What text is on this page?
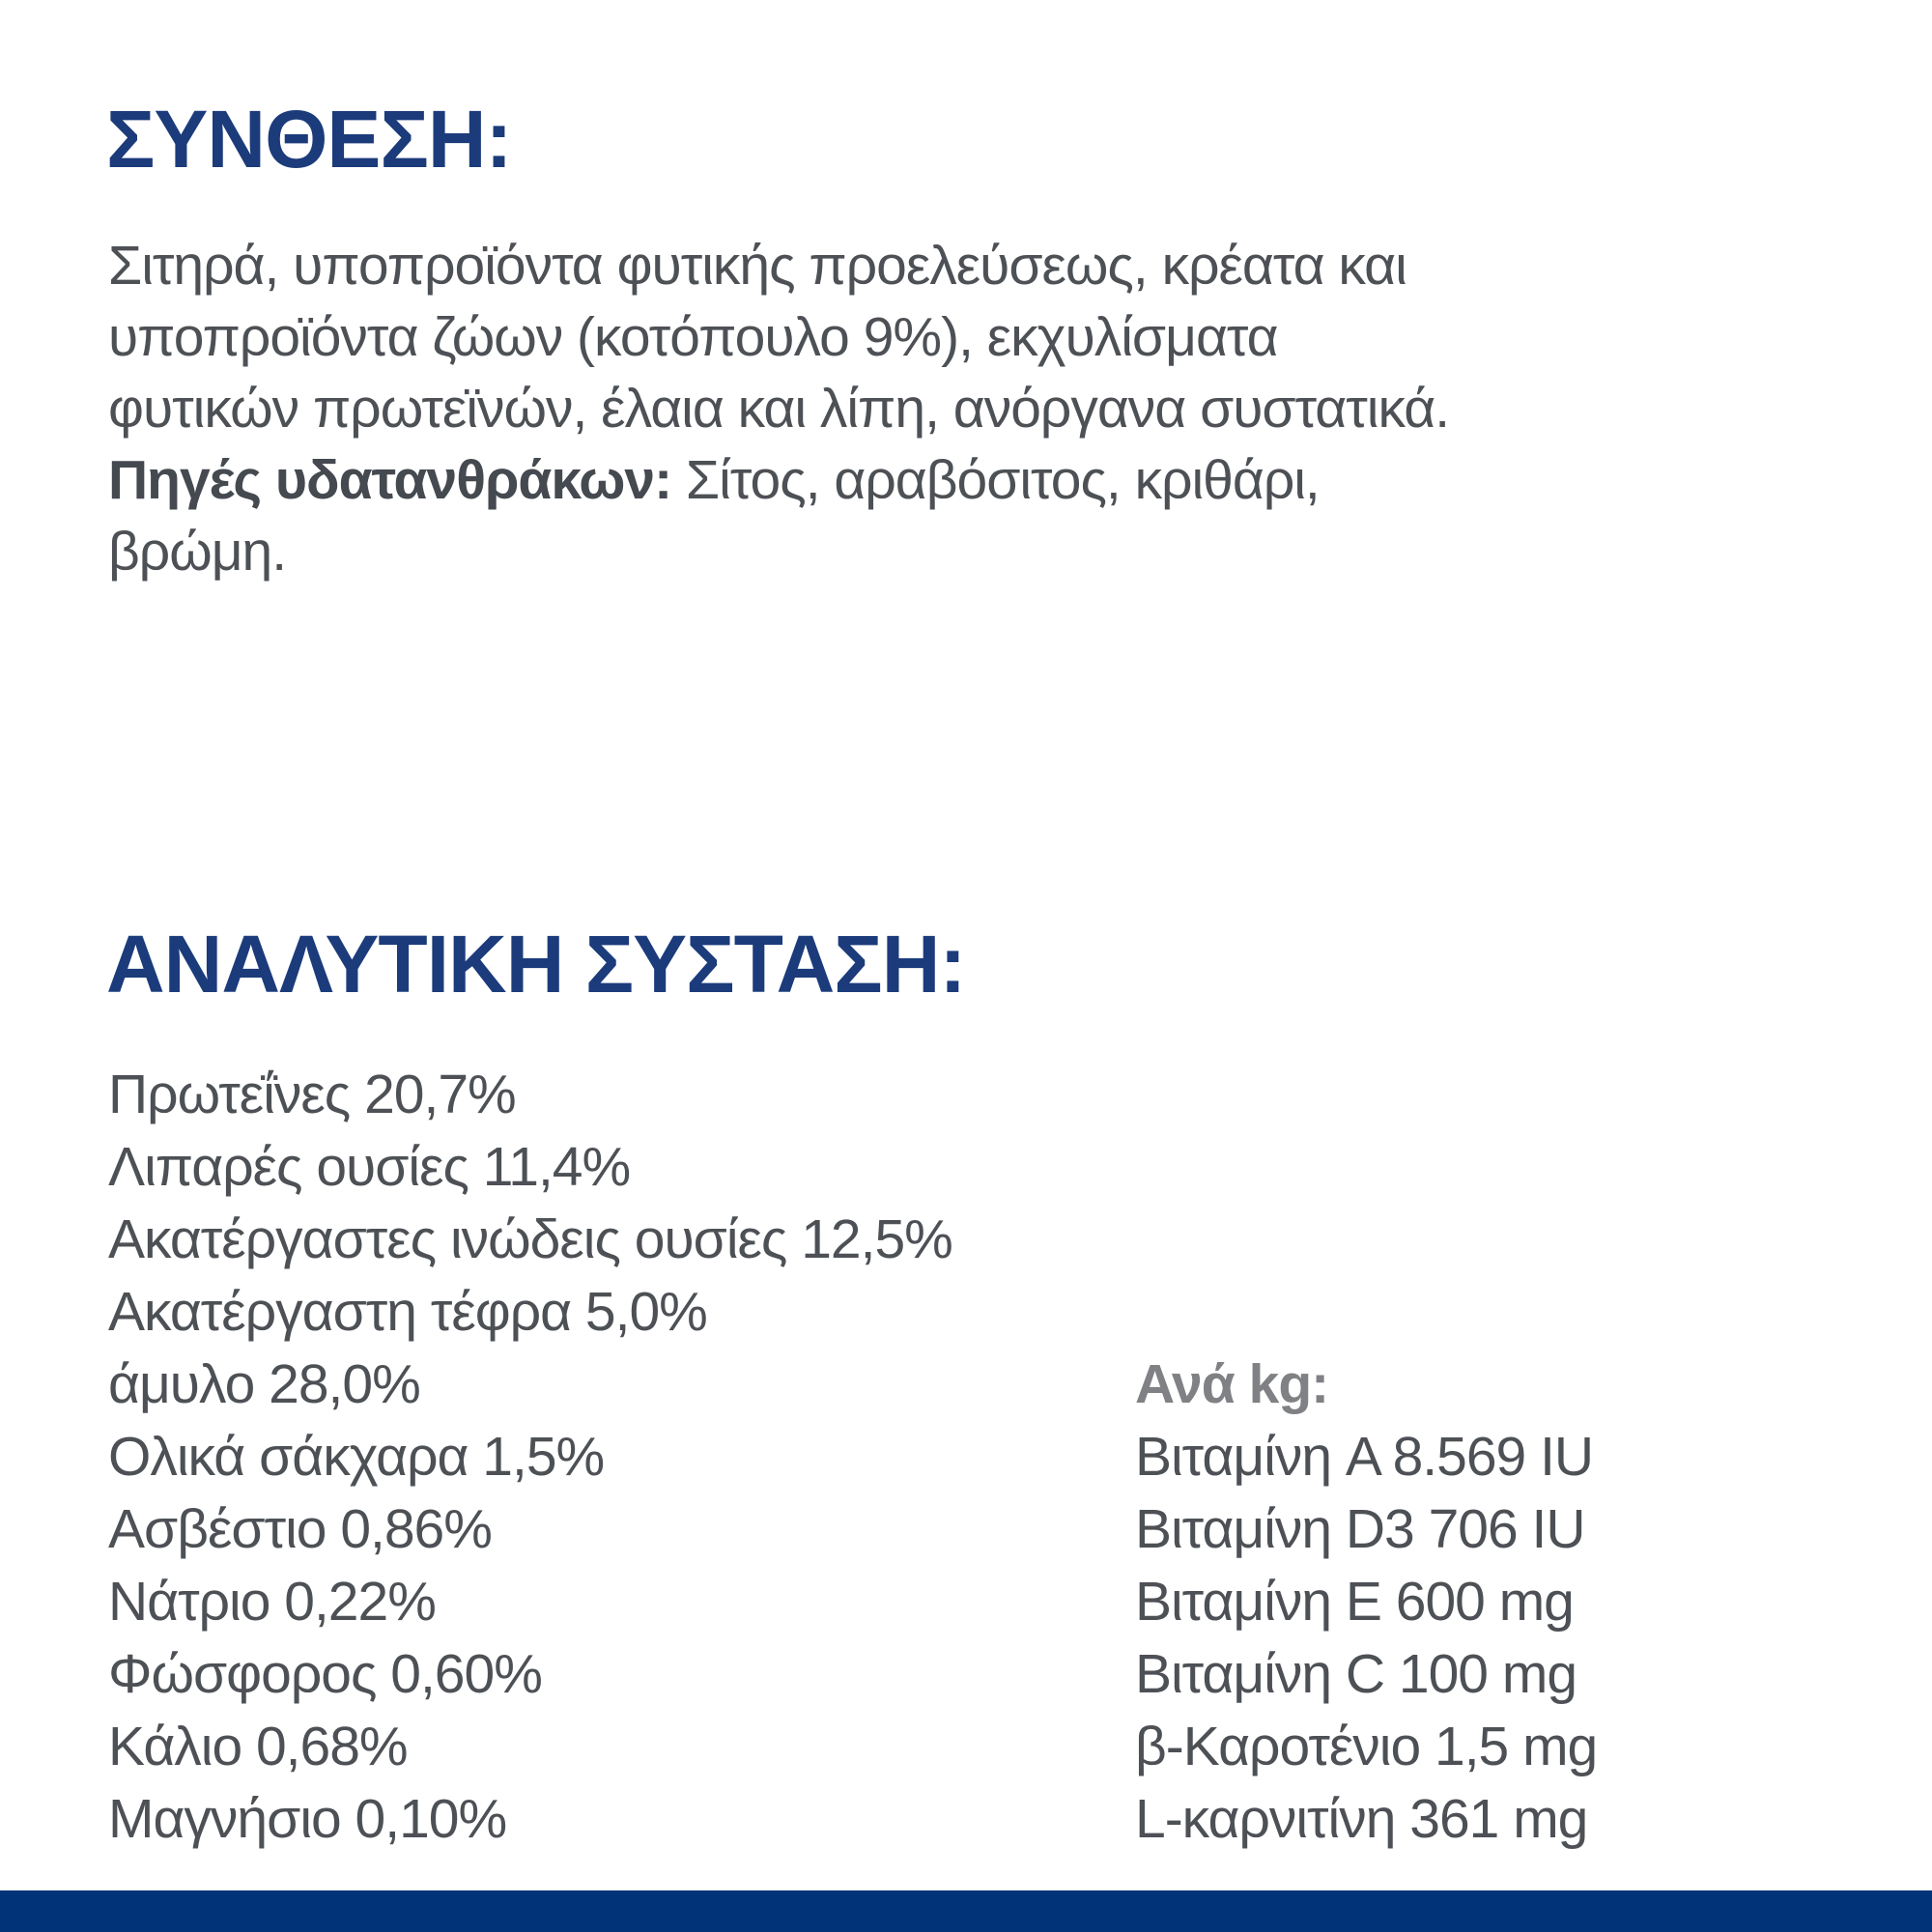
ΣΥΝΘΕΣΗ:
Σιτηρά, υποπροϊόντα φυτικής προελεύσεως, κρέατα και
υποπροϊόντα ζώων (κοτόπουλο 9%), εκχυλίσματα
φυτικών πρωτεϊνών, έλαια και λίπη, ανόργανα συστατικά.
Πηγές υδατανθράκων: Σίτος, αραβόσιτος, κριθάρι,
βρώμη.
ΑΝΑΛΥΤΙΚΗ ΣΥΣΤΑΣΗ:
Πρωτεΐνες 20,7%
Λιπαρές ουσίες 11,4%
Ακατέργαστες ινώδεις ουσίες 12,5%
Ακατέργαστη τέφρα 5,0%
άμυλο 28,0%
Ολικά σάκχαρα 1,5%
Ασβέστιο 0,86%
Νάτριο 0,22%
Φώσφορος 0,60%
Κάλιο 0,68%
Μαγνήσιο 0,10%
Ανά kg:
Βιταμίνη A 8.569 IU
Βιταμίνη D3 706 IU
Βιταμίνη E 600 mg
Βιταμίνη C 100 mg
β-Καροτένιο 1,5 mg
L-καρνιτίνη 361 mg
